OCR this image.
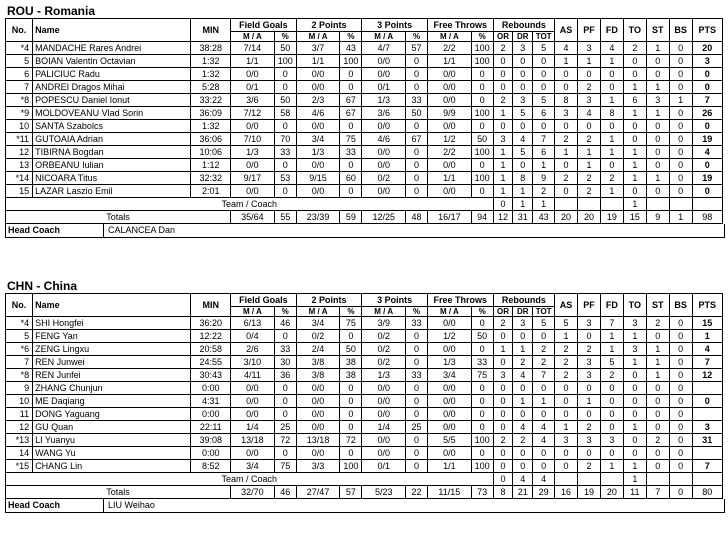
ROU - Romania
No.	Name	MIN	Field Goals		2 Points		3 Points		Free Throws		Rebounds			AS	PF	FD	TO	ST	BS	PTS
			M / A	%	M / A	%	M / A	%	M / A	%	OR	DR	TOT							
*4	MANDACHE Rares Andrei	38:28	7/14	50	3/7	43	4/7	57	2/2	100	2	3	5	4	3	4	2	1	0	20
5	BOIAN Valentin Octavian	1:32	1/1	100	1/1	100	0/0	0	1/1	100	0	0	0	1	1	1	0	0	0	3
6	PALICIUC Radu	1:32	0/0	0	0/0	0	0/0	0	0/0	0	0	0	0	0	0	0	0	0	0	0
7	ANDREI Dragos Mihai	5:28	0/1	0	0/0	0	0/1	0	0/0	0	0	0	0	0	2	0	1	1	0	0
*8	POPESCU Daniel Ionut	33:22	3/6	50	2/3	67	1/3	33	0/0	0	2	3	5	8	3	1	6	3	1	7
*9	MOLDOVEANU Vlad Sorin	36:09	7/12	58	4/6	67	3/6	50	9/9	100	1	5	6	3	4	8	1	1	0	26
10	SANTA Szabolcs	1:32	0/0	0	0/0	0	0/0	0	0/0	0	0	0	0	0	0	0	0	0	0	0
*11	GUTOAIA Adrian	36:06	7/10	70	3/4	75	4/6	67	1/2	50	3	4	7	2	2	1	0	0	0	19
12	TIBIRNA Bogdan	10:06	1/3	33	1/3	33	0/0	0	2/2	100	1	5	6	1	1	1	1	0	0	4
13	ORBEANU Iulian	1:12	0/0	0	0/0	0	0/0	0	0/0	0	1	0	1	0	1	0	1	0	0	0
*14	NICOARA Titus	32:32	9/17	53	9/15	60	0/2	0	1/1	100	1	8	9	2	2	2	1	1	0	19
15	LAZAR Laszio Emil	2:01	0/0	0	0/0	0	0/0	0	0/0	0	1	1	2	0	2	1	0	0	0	0
Team / Coach											0	1	1				1			
Totals			35/64	55	23/39	59	12/25	48	16/17	94	12	31	43	20	20	19	15	9	1	98
Head Coach	CALANCEA Dan
CHN - China
No.	Name	MIN	Field Goals		2 Points		3 Points		Free Throws		Rebounds			AS	PF	FD	TO	ST	BS	PTS
			M / A	%	M / A	%	M / A	%	M / A	%	OR	DR	TOT							
*4	SHI Hongfei	36:20	6/13	46	3/4	75	3/9	33	0/0	0	2	3	5	5	3	7	3	2	0	15
5	FENG Yan	12:22	0/4	0	0/2	0	0/2	0	1/2	50	0	0	0	1	0	1	1	0	0	1
*6	ZENG Lingxu	20:58	2/6	33	2/4	50	0/2	0	0/0	0	1	1	2	2	2	1	3	1	0	4
7	REN Junwei	24:55	3/10	30	3/8	38	0/2	0	1/3	33	0	2	2	2	3	5	1	1	0	7
*8	REN Junfei	30:43	4/11	36	3/8	38	1/3	33	3/4	75	3	4	7	2	3	2	0	1	0	12
9	ZHANG Chunjun	0:00	0/0	0	0/0	0	0/0	0	0/0	0	0	0	0	0	0	0	0	0	0	
10	ME Daqiang	4:31	0/0	0	0/0	0	0/0	0	0/0	0	0	1	1	0	1	0	0	0	0	0
11	DONG Yaguang	0:00	0/0	0	0/0	0	0/0	0	0/0	0	0	0	0	0	0	0	0	0	0	
12	GU Quan	22:11	1/4	25	0/0	0	1/4	25	0/0	0	0	4	4	1	2	0	1	0	0	3
*13	LI Yuanyu	39:08	13/18	72	13/18	72	0/0	0	5/5	100	2	2	4	3	3	3	0	2	0	31
14	WANG Yu	0:00	0/0	0	0/0	0	0/0	0	0/0	0	0	0	0	0	0	0	0	0	0	
*15	CHANG Lin	8:52	3/4	75	3/3	100	0/1	0	1/1	100	0	0	0	0	2	1	1	0	0	7
Team / Coach											0	4	4				1			
Totals			32/70	46	27/47	57	5/23	22	11/15	73	8	21	29	16	19	20	11	7	0	80
Head Coach	LIU Weihao
